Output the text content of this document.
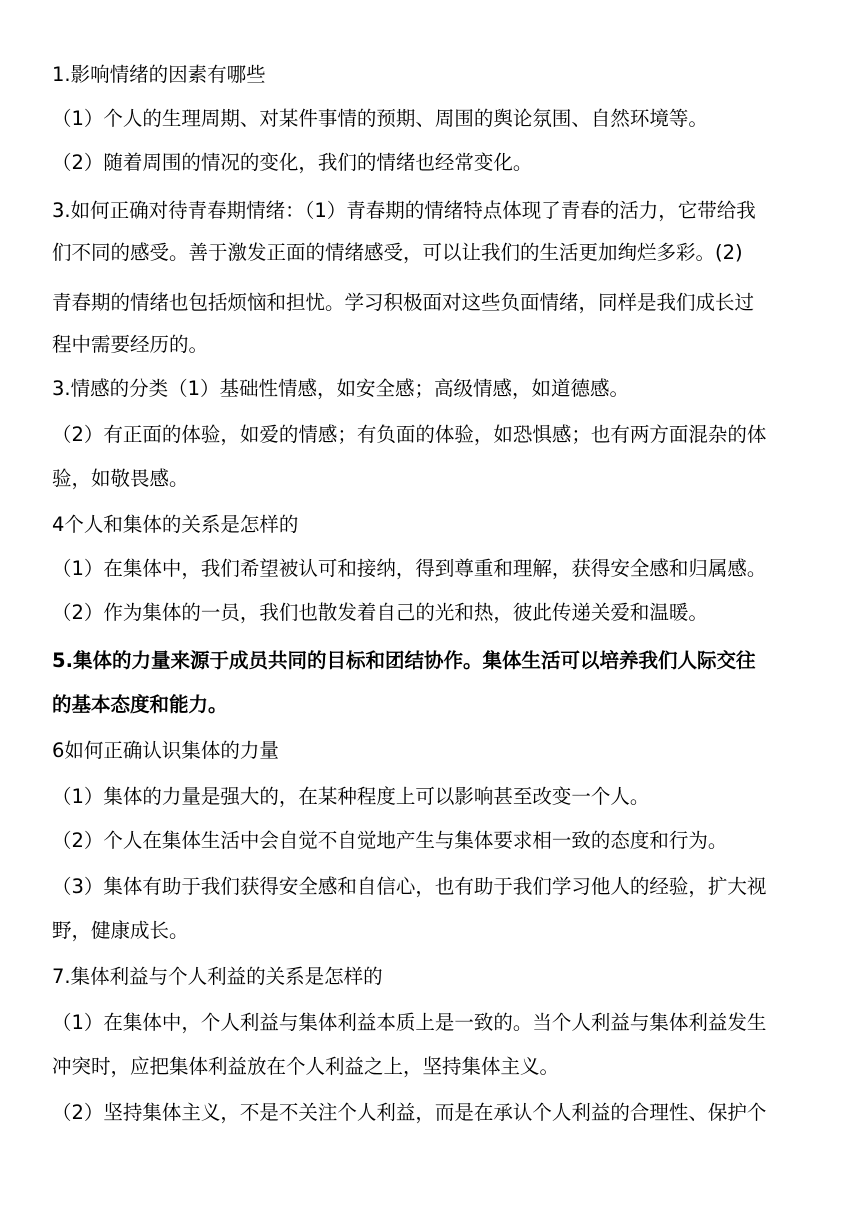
1.影响情绪的因素有哪些
（1）个人的生理周期、对某件事情的预期、周围的舆论氛围、自然环境等。
（2）随着周围的情况的变化，我们的情绪也经常变化。
3.如何正确对待青春期情绪：（1）青春期的情绪特点体现了青春的活力，它带给我
们不同的感受。善于激发正面的情绪感受，可以让我们的生活更加绚烂多彩。(2)
青春期的情绪也包括烦恼和担忧。学习积极面对这些负面情绪，同样是我们成长过
程中需要经历的。
3.情感的分类（1）基础性情感，如安全感；高级情感，如道德感。
（2）有正面的体验，如爱的情感；有负面的体验，如恐惧感；也有两方面混杂的体
验，如敬畏感。
4个人和集体的关系是怎样的
（1）在集体中，我们希望被认可和接纳，得到尊重和理解，获得安全感和归属感。
（2）作为集体的一员，我们也散发着自己的光和热，彼此传递关爱和温暖。
5.集体的力量来源于成员共同的目标和团结协作。集体生活可以培养我们人际交往
的基本态度和能力。
6如何正确认识集体的力量
（1）集体的力量是强大的，在某种程度上可以影响甚至改变一个人。
（2）个人在集体生活中会自觉不自觉地产生与集体要求相一致的态度和行为。
（3）集体有助于我们获得安全感和自信心，也有助于我们学习他人的经验，扩大视
野，健康成长。
7.集体利益与个人利益的关系是怎样的
（1）在集体中，个人利益与集体利益本质上是一致的。当个人利益与集体利益发生
冲突时，应把集体利益放在个人利益之上，坚持集体主义。
（2）坚持集体主义，不是不关注个人利益，而是在承认个人利益的合理性、保护个
